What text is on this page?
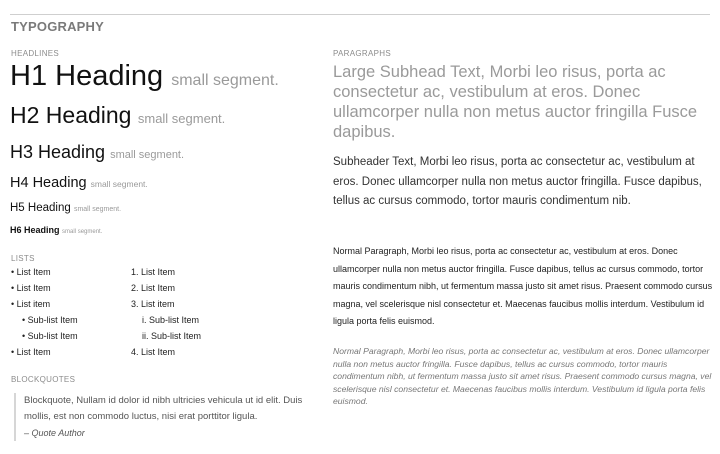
TYPOGRAPHY
HEADLINES
H1 Heading small segment.
H2 Heading small segment.
H3 Heading small segment.
H4 Heading small segment.
H5 Heading small segment.
H6 Heading small segment.
LISTS
• List Item
• List Item
• List item
• Sub-list Item
• Sub-list Item
• List Item
1. List Item
2. List Item
3. List item
i. Sub-list Item
ii. Sub-list Item
4. List Item
BLOCKQUOTES
Blockquote, Nullam id dolor id nibh ultricies vehicula ut id elit. Duis mollis, est non commodo luctus, nisi erat porttitor ligula.
– Quote Author
PARAGRAPHS
Large Subhead Text, Morbi leo risus, porta ac consectetur ac, vestibulum at eros. Donec ullamcorper nulla non metus auctor fringilla Fusce dapibus.
Subheader Text, Morbi leo risus, porta ac consectetur ac, vestibulum at eros. Donec ullamcorper nulla non metus auctor fringilla. Fusce dapibus, tellus ac cursus commodo, tortor mauris condimentum nib.
Normal Paragraph, Morbi leo risus, porta ac consectetur ac, vestibulum at eros. Donec ullamcorper nulla non metus auctor fringilla. Fusce dapibus, tellus ac cursus commodo, tortor mauris condimentum nibh, ut fermentum massa justo sit amet risus. Praesent commodo cursus magna, vel scelerisque nisl consectetur et. Maecenas faucibus mollis interdum. Vestibulum id ligula porta felis euismod.
Normal Paragraph, Morbi leo risus, porta ac consectetur ac, vestibulum at eros. Donec ullamcorper nulla non metus auctor fringilla. Fusce dapibus, tellus ac cursus commodo, tortor mauris condimentum nibh, ut fermentum massa justo sit amet risus. Praesent commodo cursus magna, vel scelerisque nisl consectetur et. Maecenas faucibus mollis interdum. Vestibulum id ligula porta felis euismod.
